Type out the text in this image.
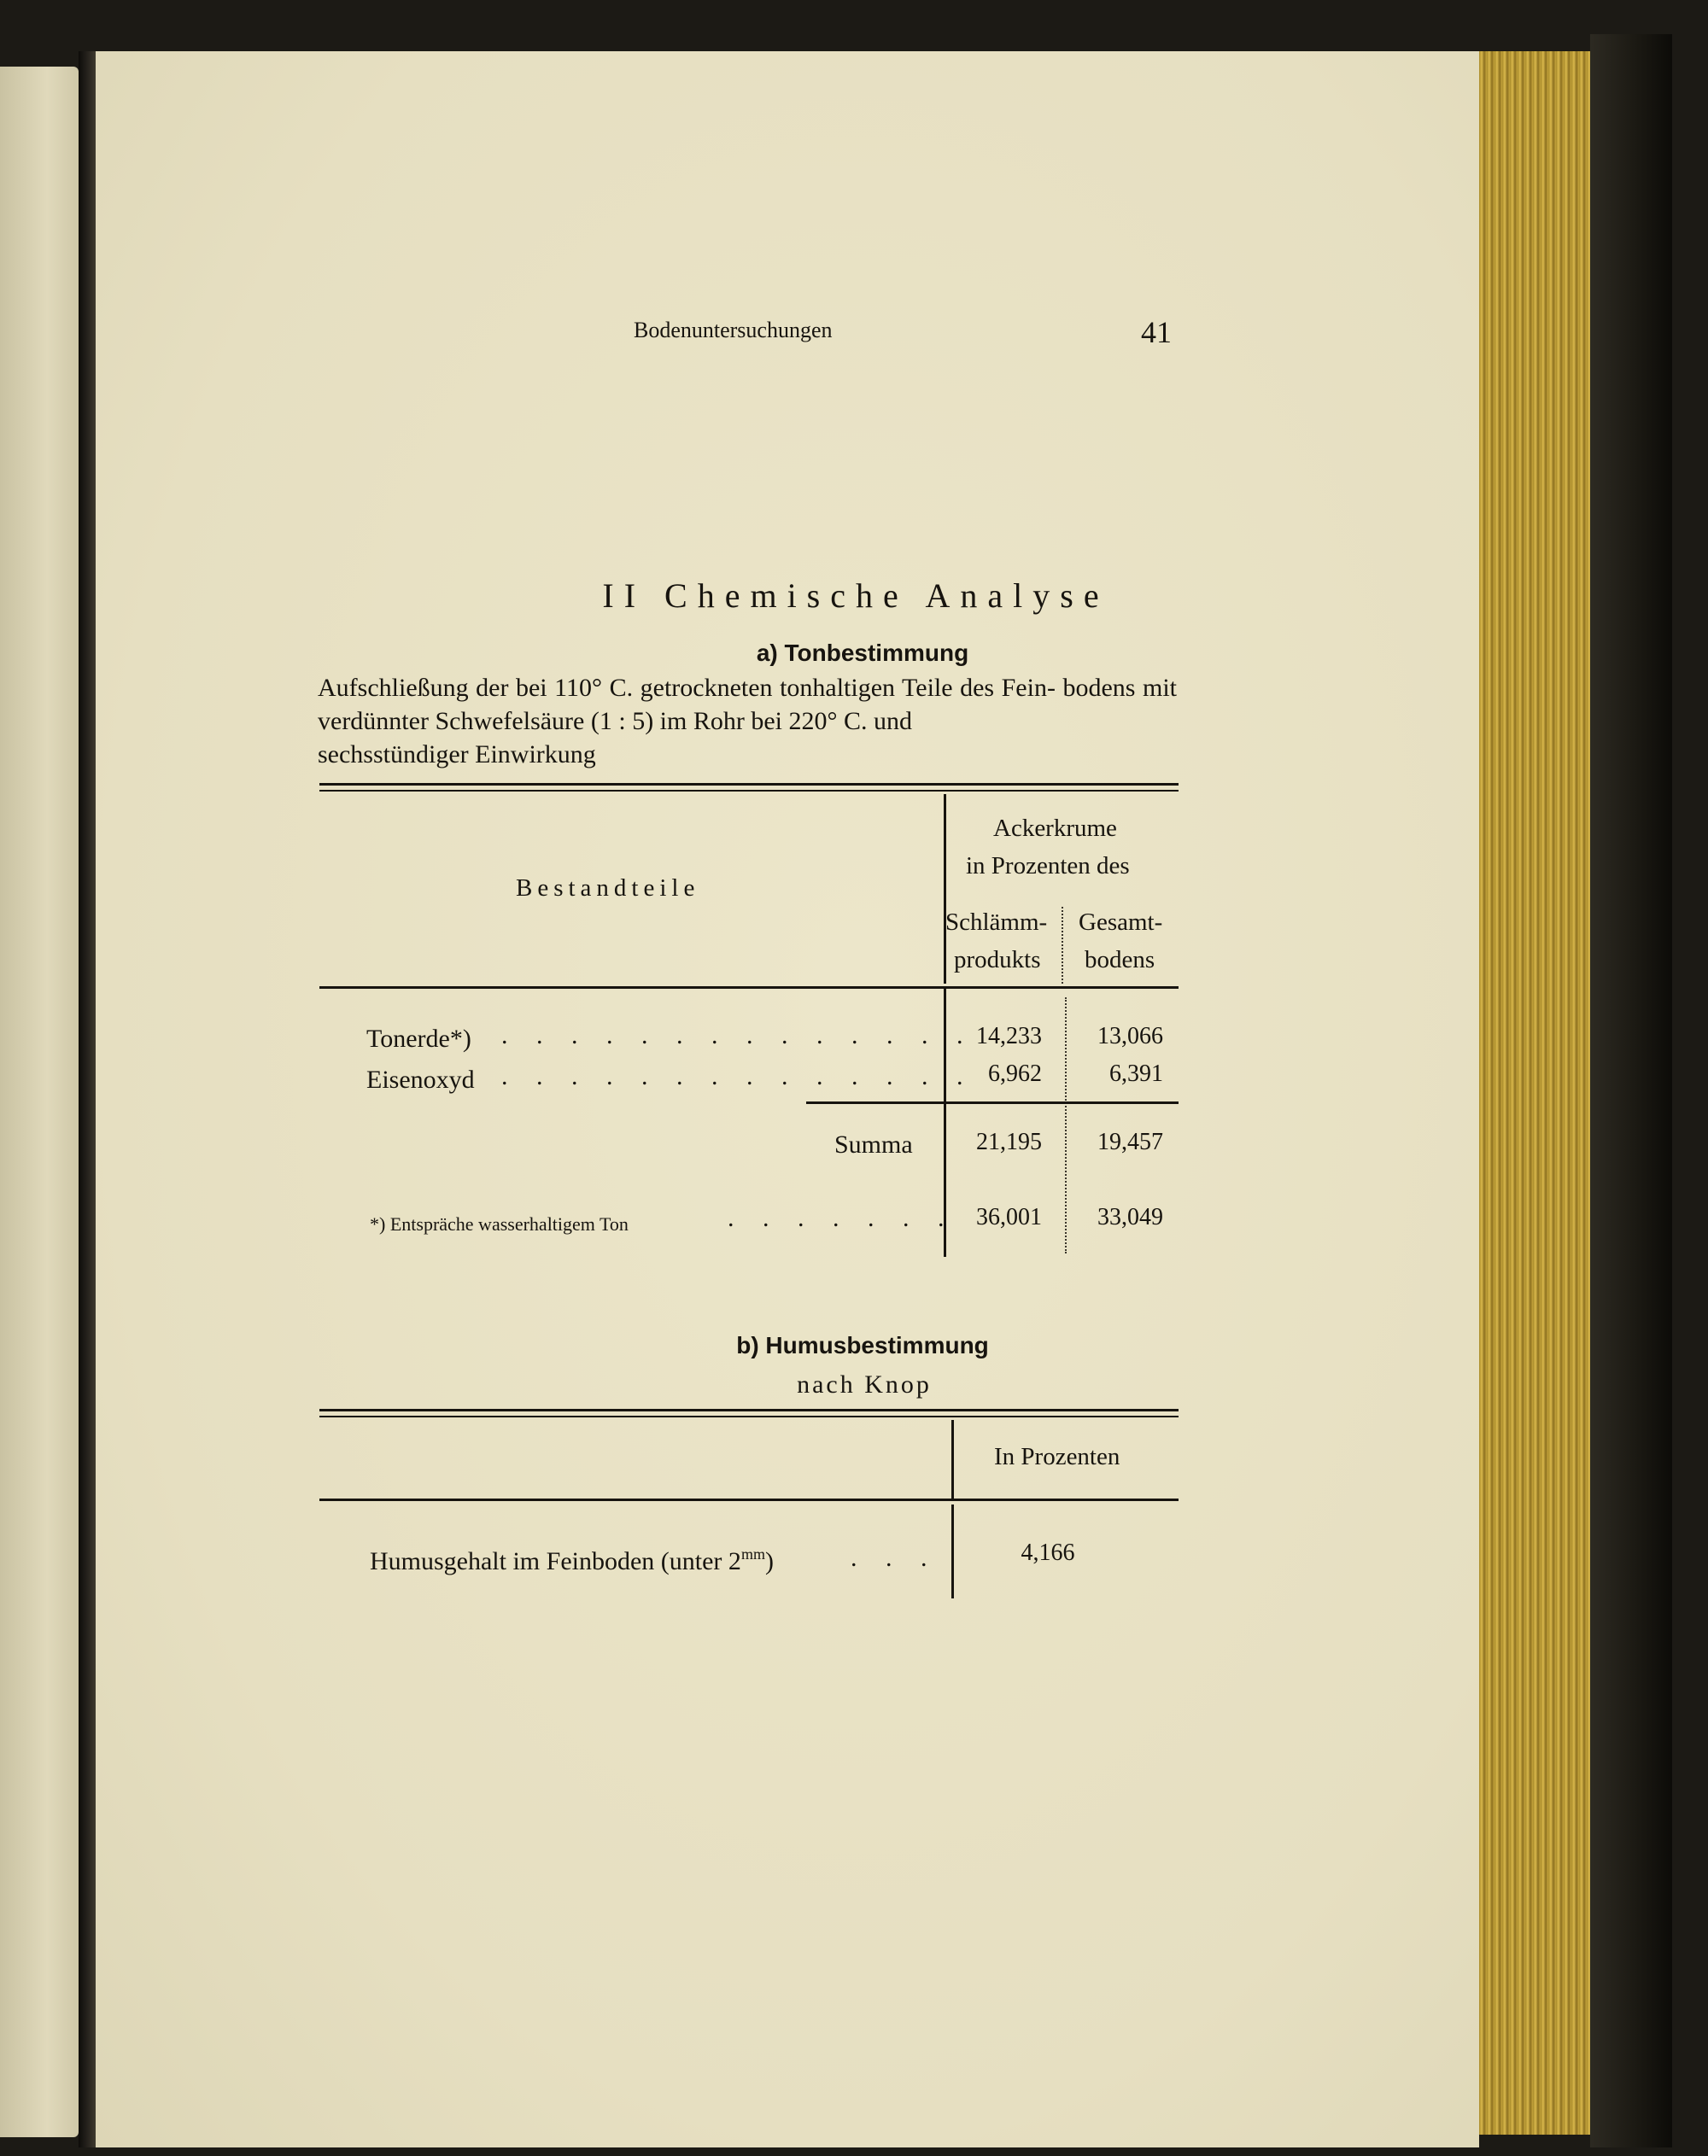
Bodenuntersuchungen	41
II Chemische Analyse
a) Tonbestimmung
Aufschließung der bei 110° C. getrockneten tonhaltigen Teile des Fein- bodens mit verdünnter Schwefelsäure (1 : 5) im Rohr bei 220° C. und
sechsstündiger Einwirkung
Bestandteile
Ackerkrume
in Prozenten des
Schlämm-
produkts
Gesamt-
bodens
Tonerde*) . . . . . . . . . . . . . . 14,233	13,066
Eisenoxyd . . . . . . . . . . . . . . 6,962	6,391
Summa	21,195	19,457
*) Entspräche wasserhaltigem Ton	. . . . . . . 36,001	33,049
b) Humusbestimmung
nach Knop
In Prozenten
Humusgehalt im Feinboden (unter $2^{mm}$)	. . .	4,166
